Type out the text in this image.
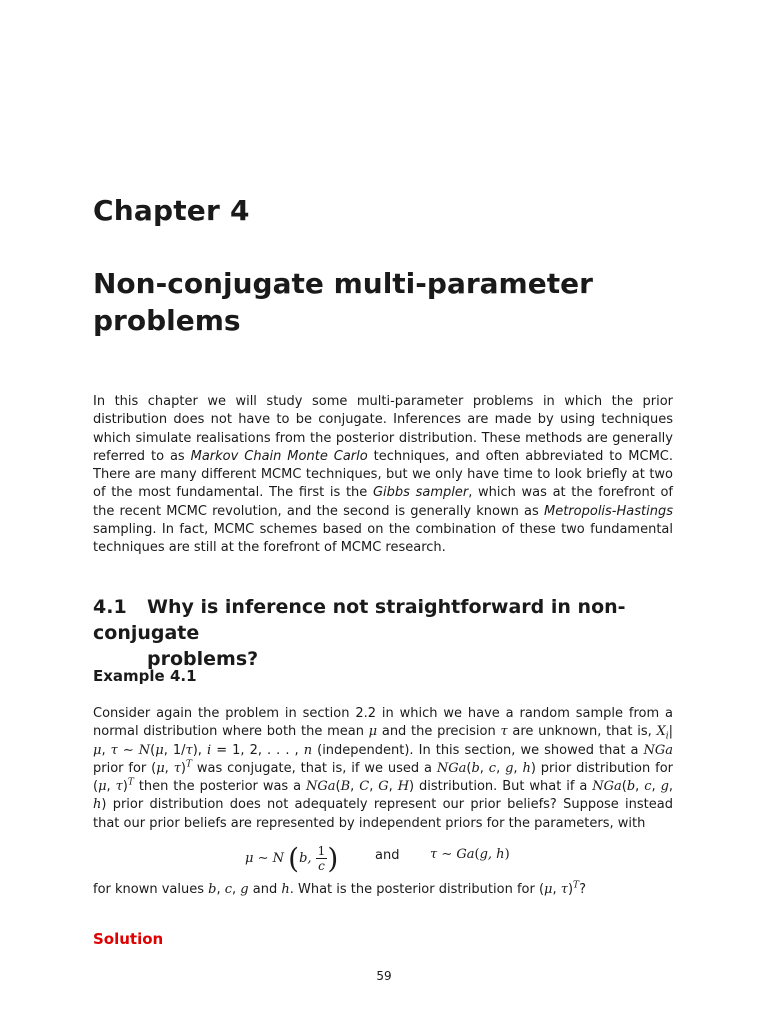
Chapter 4
Non-conjugate multi-parameter problems

In this chapter we will study some multi-parameter problems in which the prior distribution does not have to be conjugate. Inferences are made by using techniques which simulate realisations from the posterior distribution. These methods are generally referred to as Markov Chain Monte Carlo techniques, and often abbreviated to MCMC. There are many different MCMC techniques, but we only have time to look briefly at two of the most fundamental. The first is the Gibbs sampler, which was at the forefront of the recent MCMC revolution, and the second is generally known as Metropolis-Hastings sampling. In fact, MCMC schemes based on the combination of these two fundamental techniques are still at the forefront of MCMC research.

4.1 Why is inference not straightforward in non-conjugate
problems?
Example 4.1

Consider again the problem in section 2.2 in which we have a random sample from a normal distribution where both the mean μ and the precision τ are unknown, that is, $X_i|\mu$, τ ∼ N(μ, 1/τ), i = 1, 2, . . . , n (independent). In this section, we showed that a NGa prior for (μ, τ)$^T$ was conjugate, that is, if we used a NGa(b, c, g, h) prior distribution for (μ, τ)$^T$ then the posterior was a NGa(B, C, G, H) distribution. But what if a NGa(b, c, g, h) prior distribution does not adequately represent our prior beliefs? Suppose instead that our prior beliefs are represented by independent priors for the parameters, with

μ ∼ N (b, $\frac{1}{c}$ )	and τ ∼ Ga(g, h)

for known values b, c, g and h. What is the posterior distribution for (μ, τ)$^T$?

Solution
59
